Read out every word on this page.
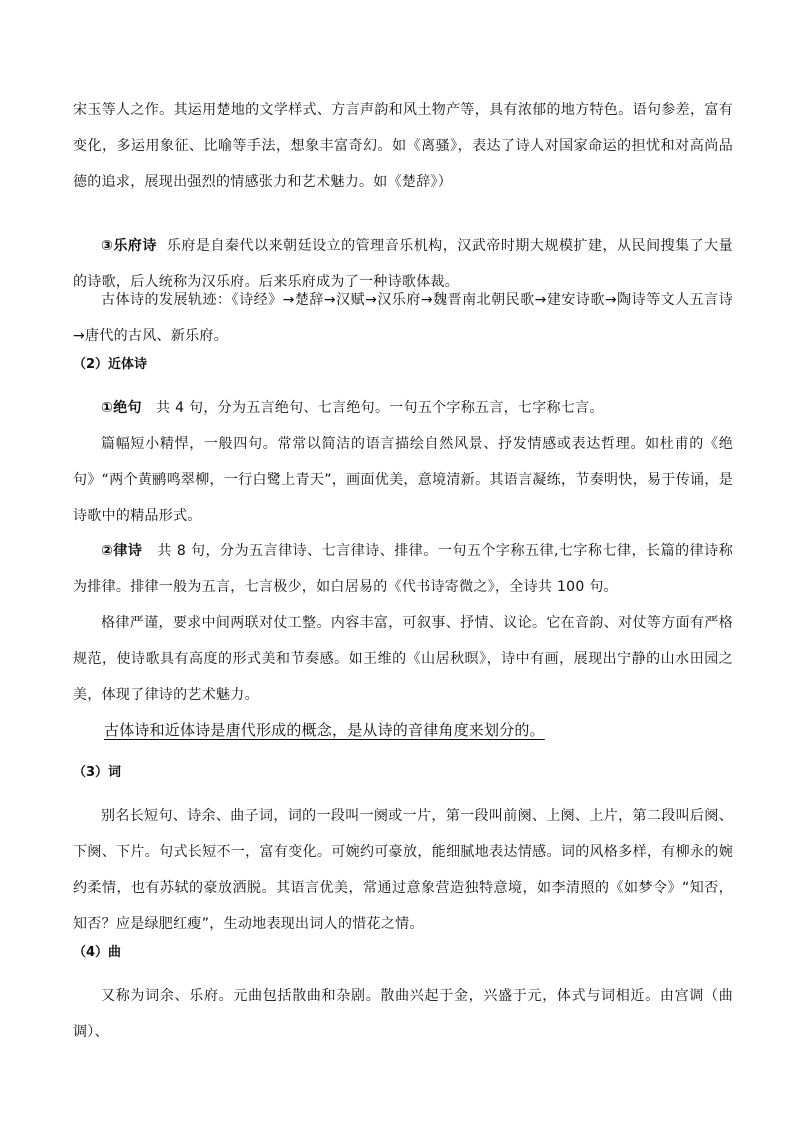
宋玉等人之作。其运用楚地的文学样式、方言声韵和风土物产等，具有浓郁的地方特色。语句参差，富有变化，多运用象征、比喻等手法，想象丰富奇幻。如《离骚》，表达了诗人对国家命运的担忧和对高尚品德的追求，展现出强烈的情感张力和艺术魅力。如《楚辞》）

③乐府诗 乐府是自秦代以来朝廷设立的管理音乐机构，汉武帝时期大规模扩建，从民间搜集了大量的诗歌，后人统称为汉乐府。后来乐府成为了一种诗歌体裁。

古体诗的发展轨迹：《诗经》→楚辞→汉赋→汉乐府→魏晋南北朝民歌→建安诗歌→陶诗等文人五言诗→唐代的古风、新乐府。

（2）近体诗

①绝句 共 4 句，分为五言绝句、七言绝句。一句五个字称五言，七字称七言。

篇幅短小精悍，一般四句。常常以简洁的语言描绘自然风景、抒发情感或表达哲理。如杜甫的《绝句》“两个黄鹂鸣翠柳，一行白鹭上青天”，画面优美，意境清新。其语言凝练，节奏明快，易于传诵，是诗歌中的精品形式。

②律诗 共 8 句，分为五言律诗、七言律诗、排律。一句五个字称五律,七字称七律，长篇的律诗称为排律。排律一般为五言，七言极少，如白居易的《代书诗寄微之》，全诗共 100 句。

格律严谨，要求中间两联对仗工整。内容丰富，可叙事、抒情、议论。它在音韵、对仗等方面有严格规范，使诗歌具有高度的形式美和节奏感。如王维的《山居秋暝》，诗中有画，展现出宁静的山水田园之美，体现了律诗的艺术魅力。

古体诗和近体诗是唐代形成的概念，是从诗的音律角度来划分的。

（3）词

别名长短句、诗余、曲子词，词的一段叫一阕或一片，第一段叫前阕、上阕、上片，第二段叫后阕、下阕、下片。句式长短不一，富有变化。可婉约可豪放，能细腻地表达情感。词的风格多样，有柳永的婉约柔情，也有苏轼的豪放洒脱。其语言优美，常通过意象营造独特意境，如李清照的《如梦令》“知否，知否？应是绿肥红瘦”，生动地表现出词人的惜花之情。

（4）曲

又称为词余、乐府。元曲包括散曲和杂剧。散曲兴起于金，兴盛于元，体式与词相近。由宫调（曲调）、
